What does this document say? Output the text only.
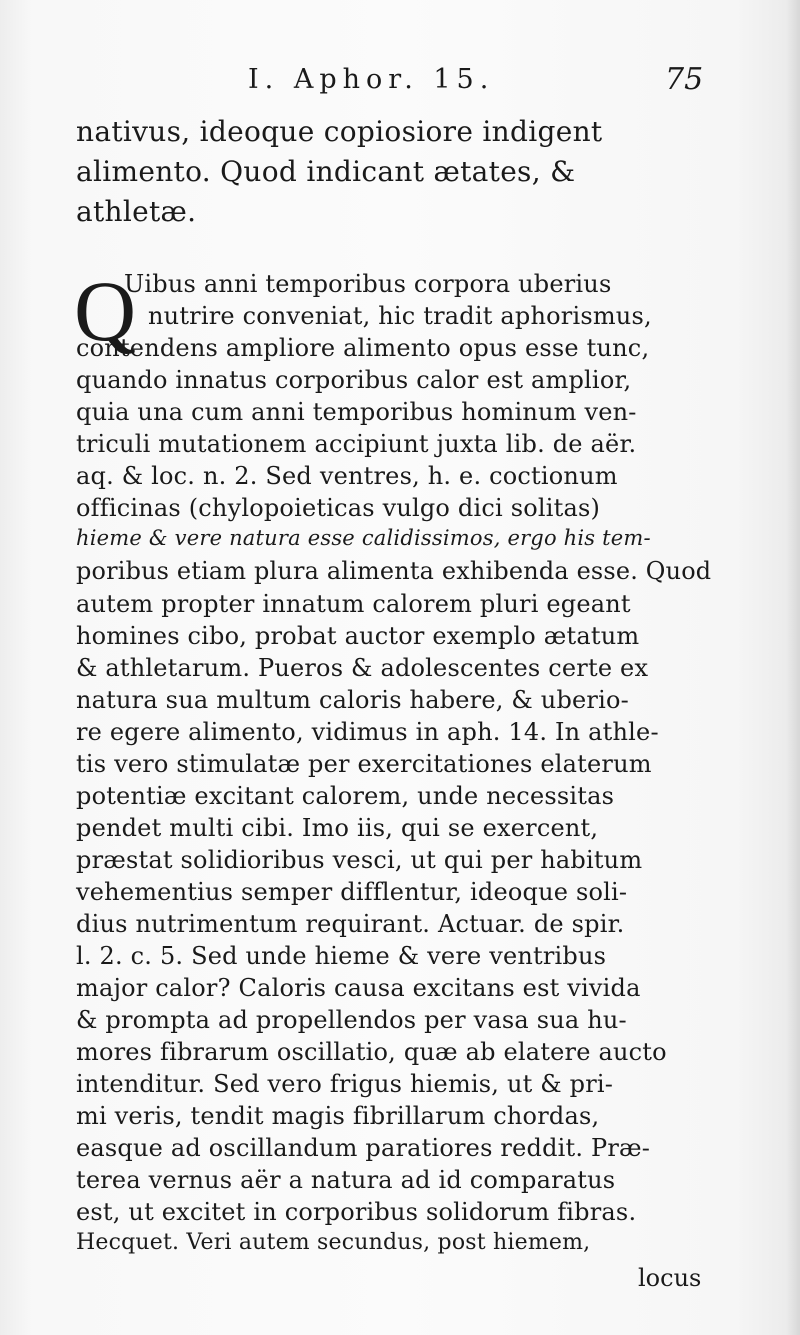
I. Aphor. 15.	75
nativus, ideoque copiosiore indigent
alimento. Quod indicant ætates, &
athletæ.
Q
Uibus anni temporibus corpora uberius
nutrire conveniat, hic tradit aphorismus,
contendens ampliore alimento opus esse tunc,
quando innatus corporibus calor est amplior,
quia una cum anni temporibus hominum ven-
triculi mutationem accipiunt juxta lib. de aër.
aq. & loc. n. 2. Sed ventres, h. e. coctionum
officinas (chylopoieticas vulgo dici solitas)
hieme & vere natura esse calidissimos, ergo his tem-
poribus etiam plura alimenta exhibenda esse. Quod
autem propter innatum calorem pluri egeant
homines cibo, probat auctor exemplo ætatum
& athletarum. Pueros & adolescentes certe ex
natura sua multum caloris habere, & uberio-
re egere alimento, vidimus in aph. 14. In athle-
tis vero stimulatæ per exercitationes elaterum
potentiæ excitant calorem, unde necessitas
pendet multi cibi. Imo iis, qui se exercent,
præstat solidioribus vesci, ut qui per habitum
vehementius semper difflentur, ideoque soli-
dius nutrimentum requirant. Actuar. de spir.
l. 2. c. 5. Sed unde hieme & vere ventribus
major calor? Caloris causa excitans est vivida
& prompta ad propellendos per vasa sua hu-
mores fibrarum oscillatio, quæ ab elatere aucto
intenditur. Sed vero frigus hiemis, ut & pri-
mi veris, tendit magis fibrillarum chordas,
easque ad oscillandum paratiores reddit. Præ-
terea vernus aër a natura ad id comparatus
est, ut excitet in corporibus solidorum fibras.
Hecquet. Veri autem secundus, post hiemem,
locus
